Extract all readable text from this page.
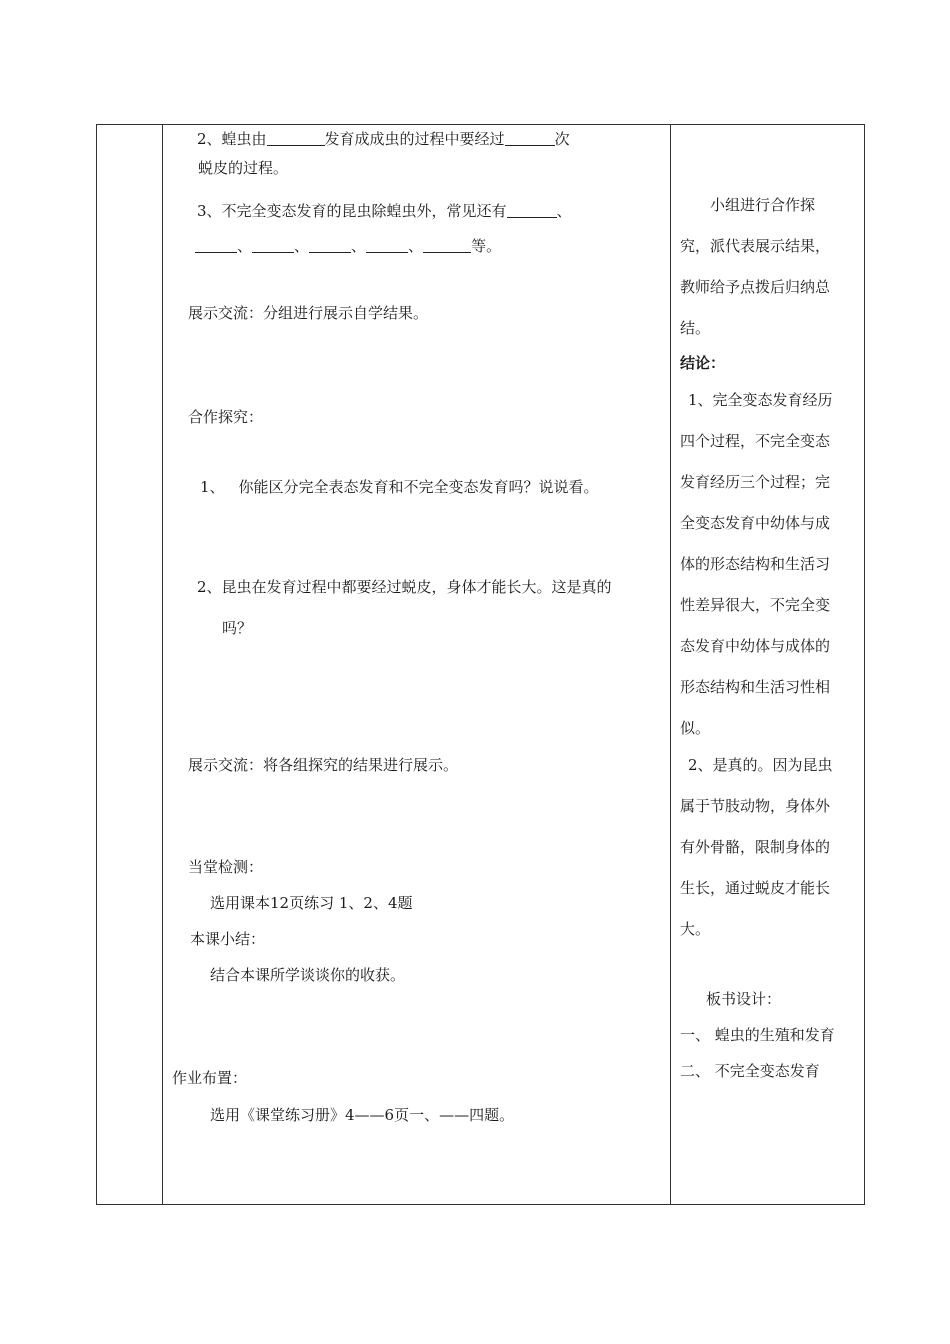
2、蝗虫由	发育成成虫的过程中要经过	次
蜕皮的过程。
3、不完全变态发育的昆虫除蝗虫外，常见还有	、
、	、	、	、	等。
展示交流：分组进行展示自学结果。
合作探究：
1、 你能区分完全表态发育和不完全变态发育吗？说说看。
2、昆虫在发育过程中都要经过蜕皮，身体才能长大。这是真的
吗？
展示交流：将各组探究的结果进行展示。
当堂检测：
选用课本12页练习 1、2、4题
本课小结：
结合本课所学谈谈你的收获。
作业布置：
选用《课堂练习册》4——6页一、——四题。
小组进行合作探
究，派代表展示结果，
教师给予点拨后归纳总
结。
结论：
1、完全变态发育经历
四个过程，不完全变态
发育经历三个过程；完
全变态发育中幼体与成
体的形态结构和生活习
性差异很大，不完全变
态发育中幼体与成体的
形态结构和生活习性相
似。
2、是真的。因为昆虫
属于节肢动物，身体外
有外骨骼，限制身体的
生长，通过蜕皮才能长
大。
板书设计：
一、 蝗虫的生殖和发育
二、 不完全变态发育
